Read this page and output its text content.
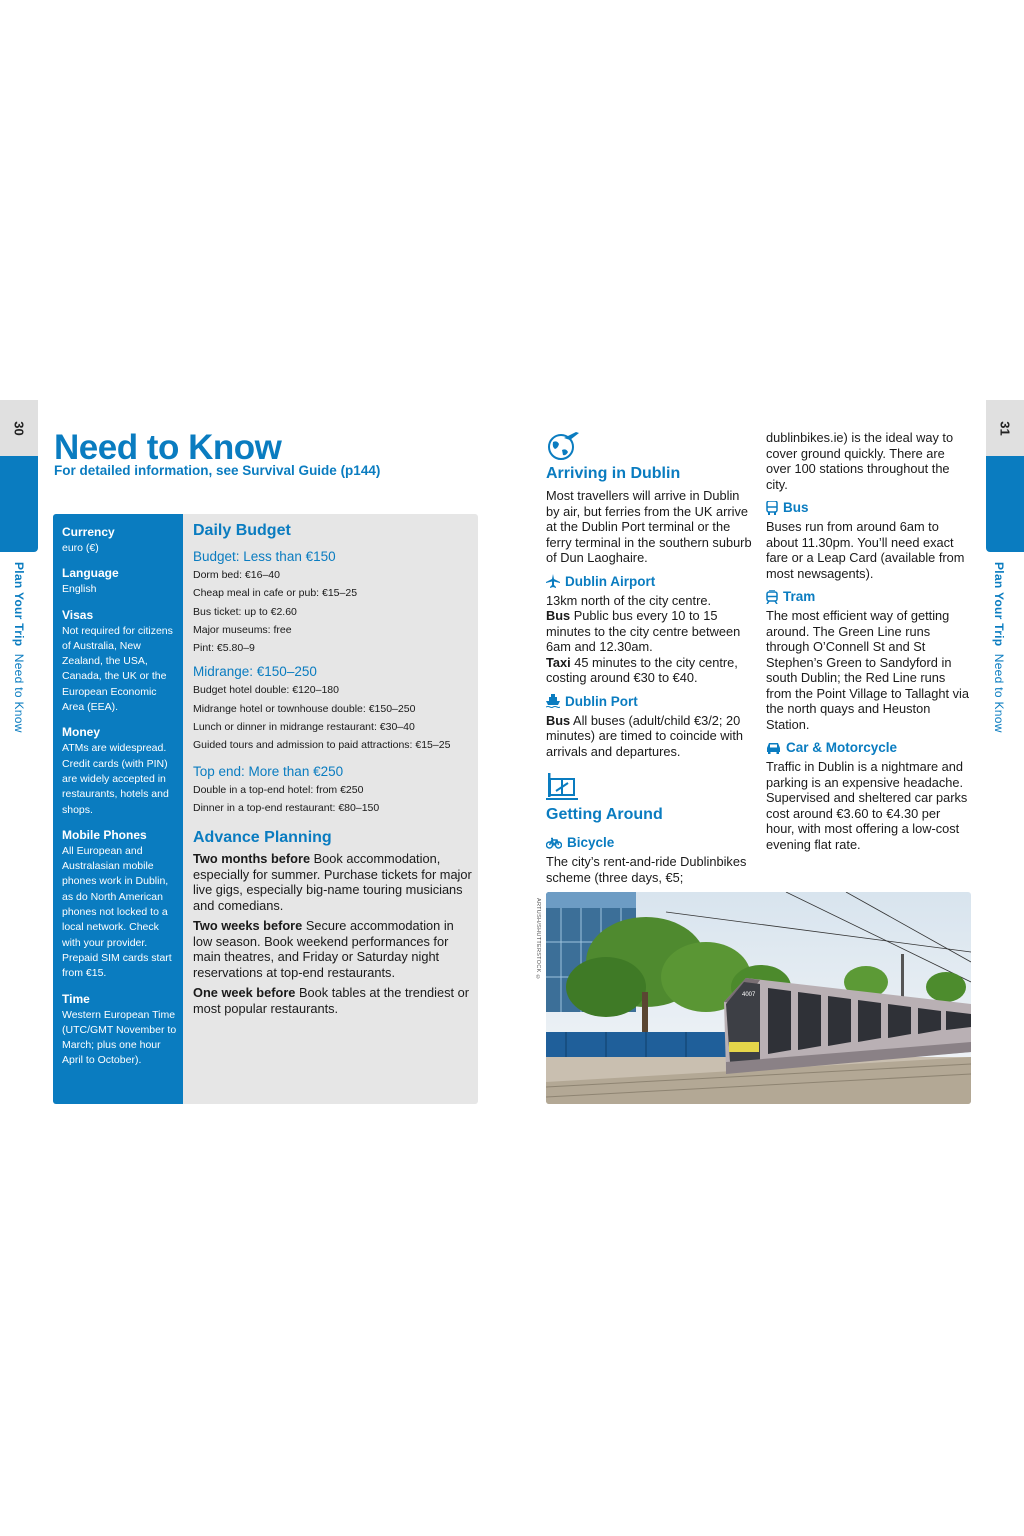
30
Plan Your Trip  Need to Know
31
Plan Your Trip  Need to Know
Need to Know
For detailed information, see Survival Guide (p144)
Currency
euro (€)
Language
English
Visas
Not required for citizens of Australia, New Zealand, the USA, Canada, the UK or the European Economic Area (EEA).
Money
ATMs are widespread. Credit cards (with PIN) are widely accepted in restaurants, hotels and shops.
Mobile Phones
All European and Australasian mobile phones work in Dublin, as do North American phones not locked to a local network. Check with your provider. Prepaid SIM cards start from €15.
Time
Western European Time (UTC/GMT November to March; plus one hour April to October).
Daily Budget
Budget: Less than €150
Dorm bed: €16–40
Cheap meal in cafe or pub: €15–25
Bus ticket: up to €2.60
Major museums: free
Pint: €5.80–9
Midrange: €150–250
Budget hotel double: €120–180
Midrange hotel or townhouse double: €150–250
Lunch or dinner in midrange restaurant: €30–40
Guided tours and admission to paid attractions: €15–25
Top end: More than €250
Double in a top-end hotel: from €250
Dinner in a top-end restaurant: €80–150
Advance Planning
Two months before Book accommodation, especially for summer. Purchase tickets for major live gigs, especially big-name touring musicians and comedians.
Two weeks before Secure accommodation in low season. Book weekend performances for main theatres, and Friday or Saturday night reservations at top-end restaurants.
One week before Book tables at the trendiest or most popular restaurants.
Arriving in Dublin

Most travellers will arrive in Dublin by air, but ferries from the UK arrive at the Dublin Port terminal or the ferry terminal in the southern suburb of Dun Laoghaire.

Dublin Airport

13km north of the city centre.

Bus Public bus every 10 to 15 minutes to the city centre between 6am and 12.30am.

Taxi 45 minutes to the city centre, costing around €30 to €40.

Dublin Port

Bus All buses (adult/child €3/2; 20 minutes) are timed to coincide with arrivals and departures.

Getting Around
Bicycle

The city’s rent-and-ride Dublinbikes scheme (three days, €5;

dublinbikes.ie) is the ideal way to cover ground quickly. There are over 100 stations throughout the city.

Bus

Buses run from around 6am to about 11.30pm. You’ll need exact fare or a Leap Card (available from most newsagents).

Tram

The most efficient way of getting around. The Green Line runs through O’Connell St and St Stephen’s Green to Sandyford in south Dublin; the Red Line runs from the Point Village to Tallaght via the north quays and Heuston Station.

Car & Motorcycle

Traffic in Dublin is a nightmare and parking is an expensive headache. Supervised and sheltered car parks cost around €3.60 to €4.30 per hour, with most offering a low-cost evening flat rate.

ARTUSH/SHUTTERSTOCK ©
4007
